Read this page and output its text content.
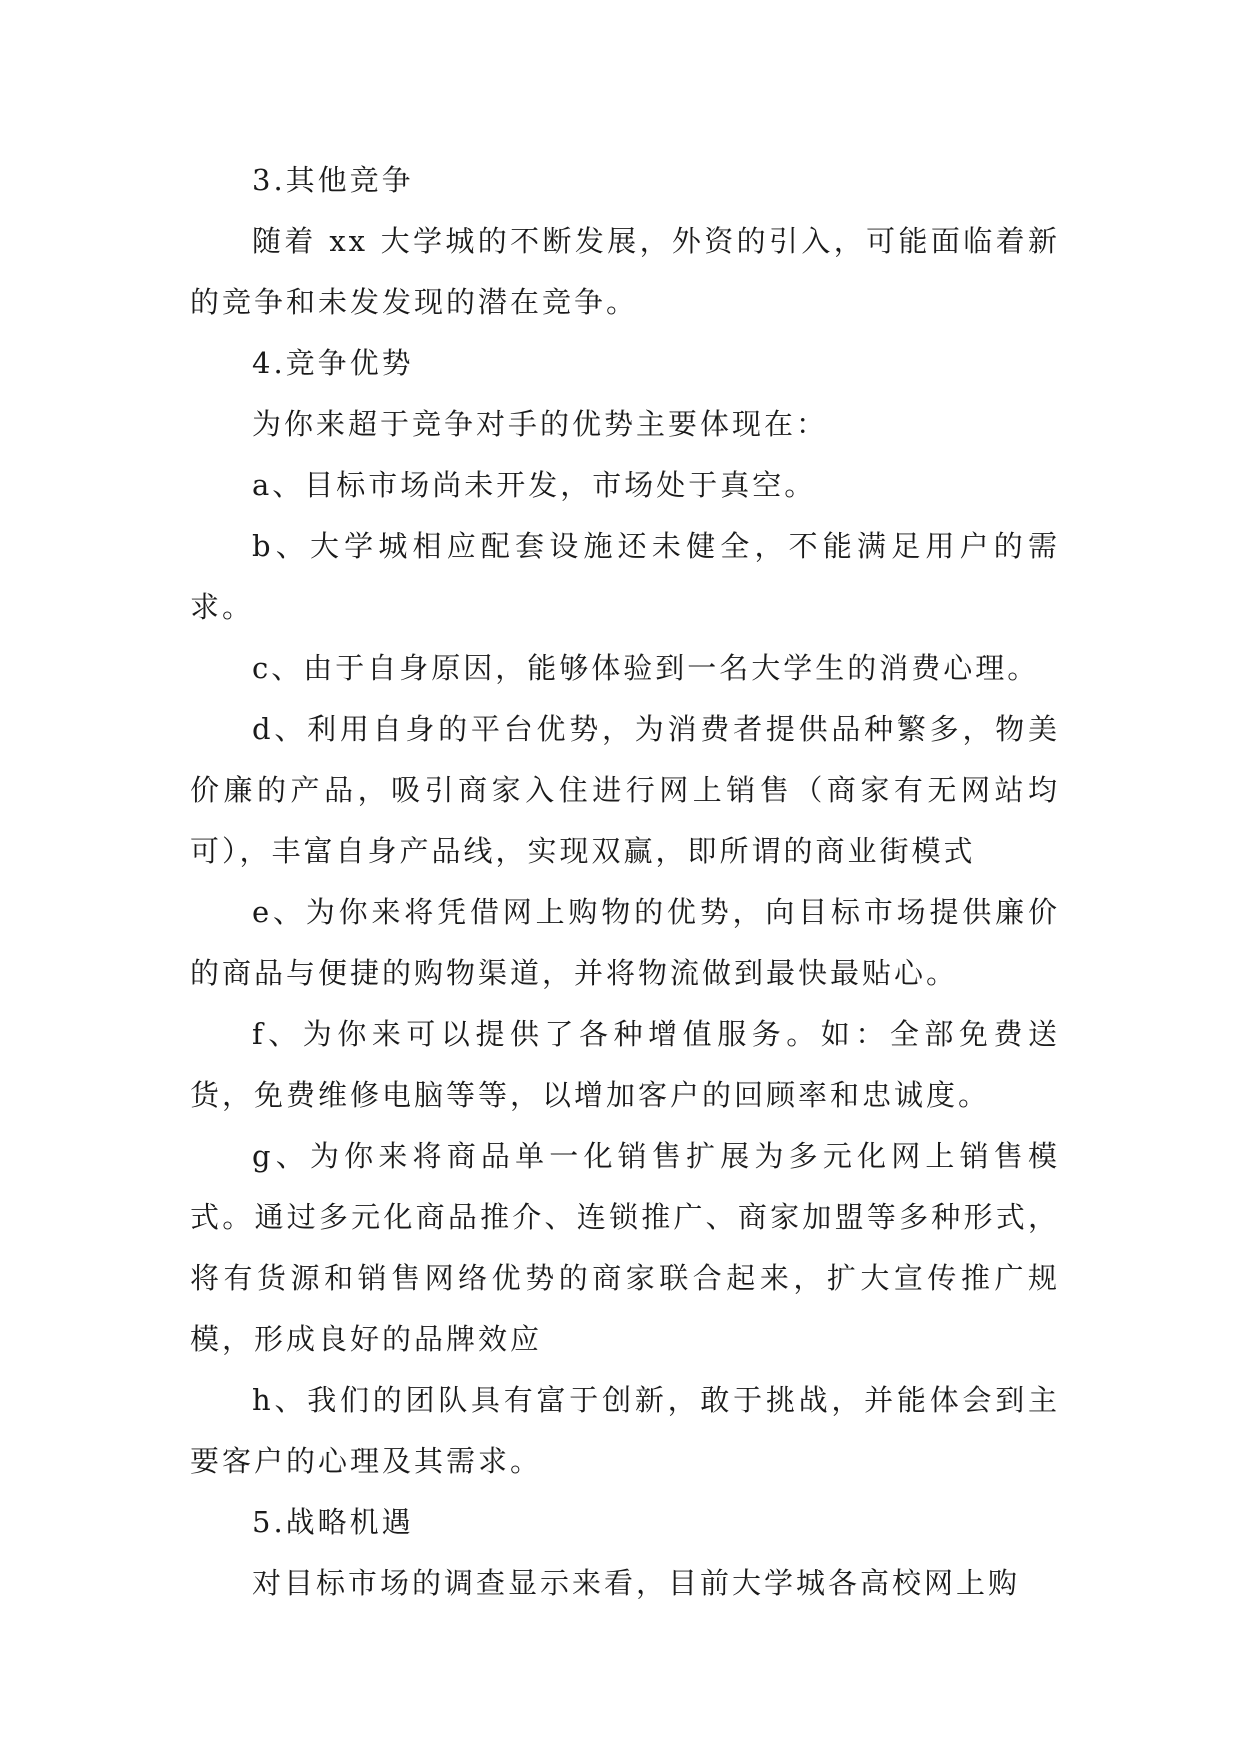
3.其他竞争

随着 xx 大学城的不断发展，外资的引入，可能面临着新的竞争和未发发现的潜在竞争。

4.竞争优势

为你来超于竞争对手的优势主要体现在：

a、目标市场尚未开发，市场处于真空。

b、大学城相应配套设施还未健全，不能满足用户的需求。

c、由于自身原因，能够体验到一名大学生的消费心理。

d、利用自身的平台优势，为消费者提供品种繁多，物美价廉的产品，吸引商家入住进行网上销售（商家有无网站均可），丰富自身产品线，实现双赢，即所谓的商业街模式

e、为你来将凭借网上购物的优势，向目标市场提供廉价的商品与便捷的购物渠道，并将物流做到最快最贴心。

f、为你来可以提供了各种增值服务。如：全部免费送货，免费维修电脑等等，以增加客户的回顾率和忠诚度。

g、为你来将商品单一化销售扩展为多元化网上销售模式。通过多元化商品推介、连锁推广、商家加盟等多种形式，将有货源和销售网络优势的商家联合起来，扩大宣传推广规模，形成良好的品牌效应

h、我们的团队具有富于创新，敢于挑战，并能体会到主要客户的心理及其需求。

5.战略机遇

对目标市场的调查显示来看，目前大学城各高校网上购
